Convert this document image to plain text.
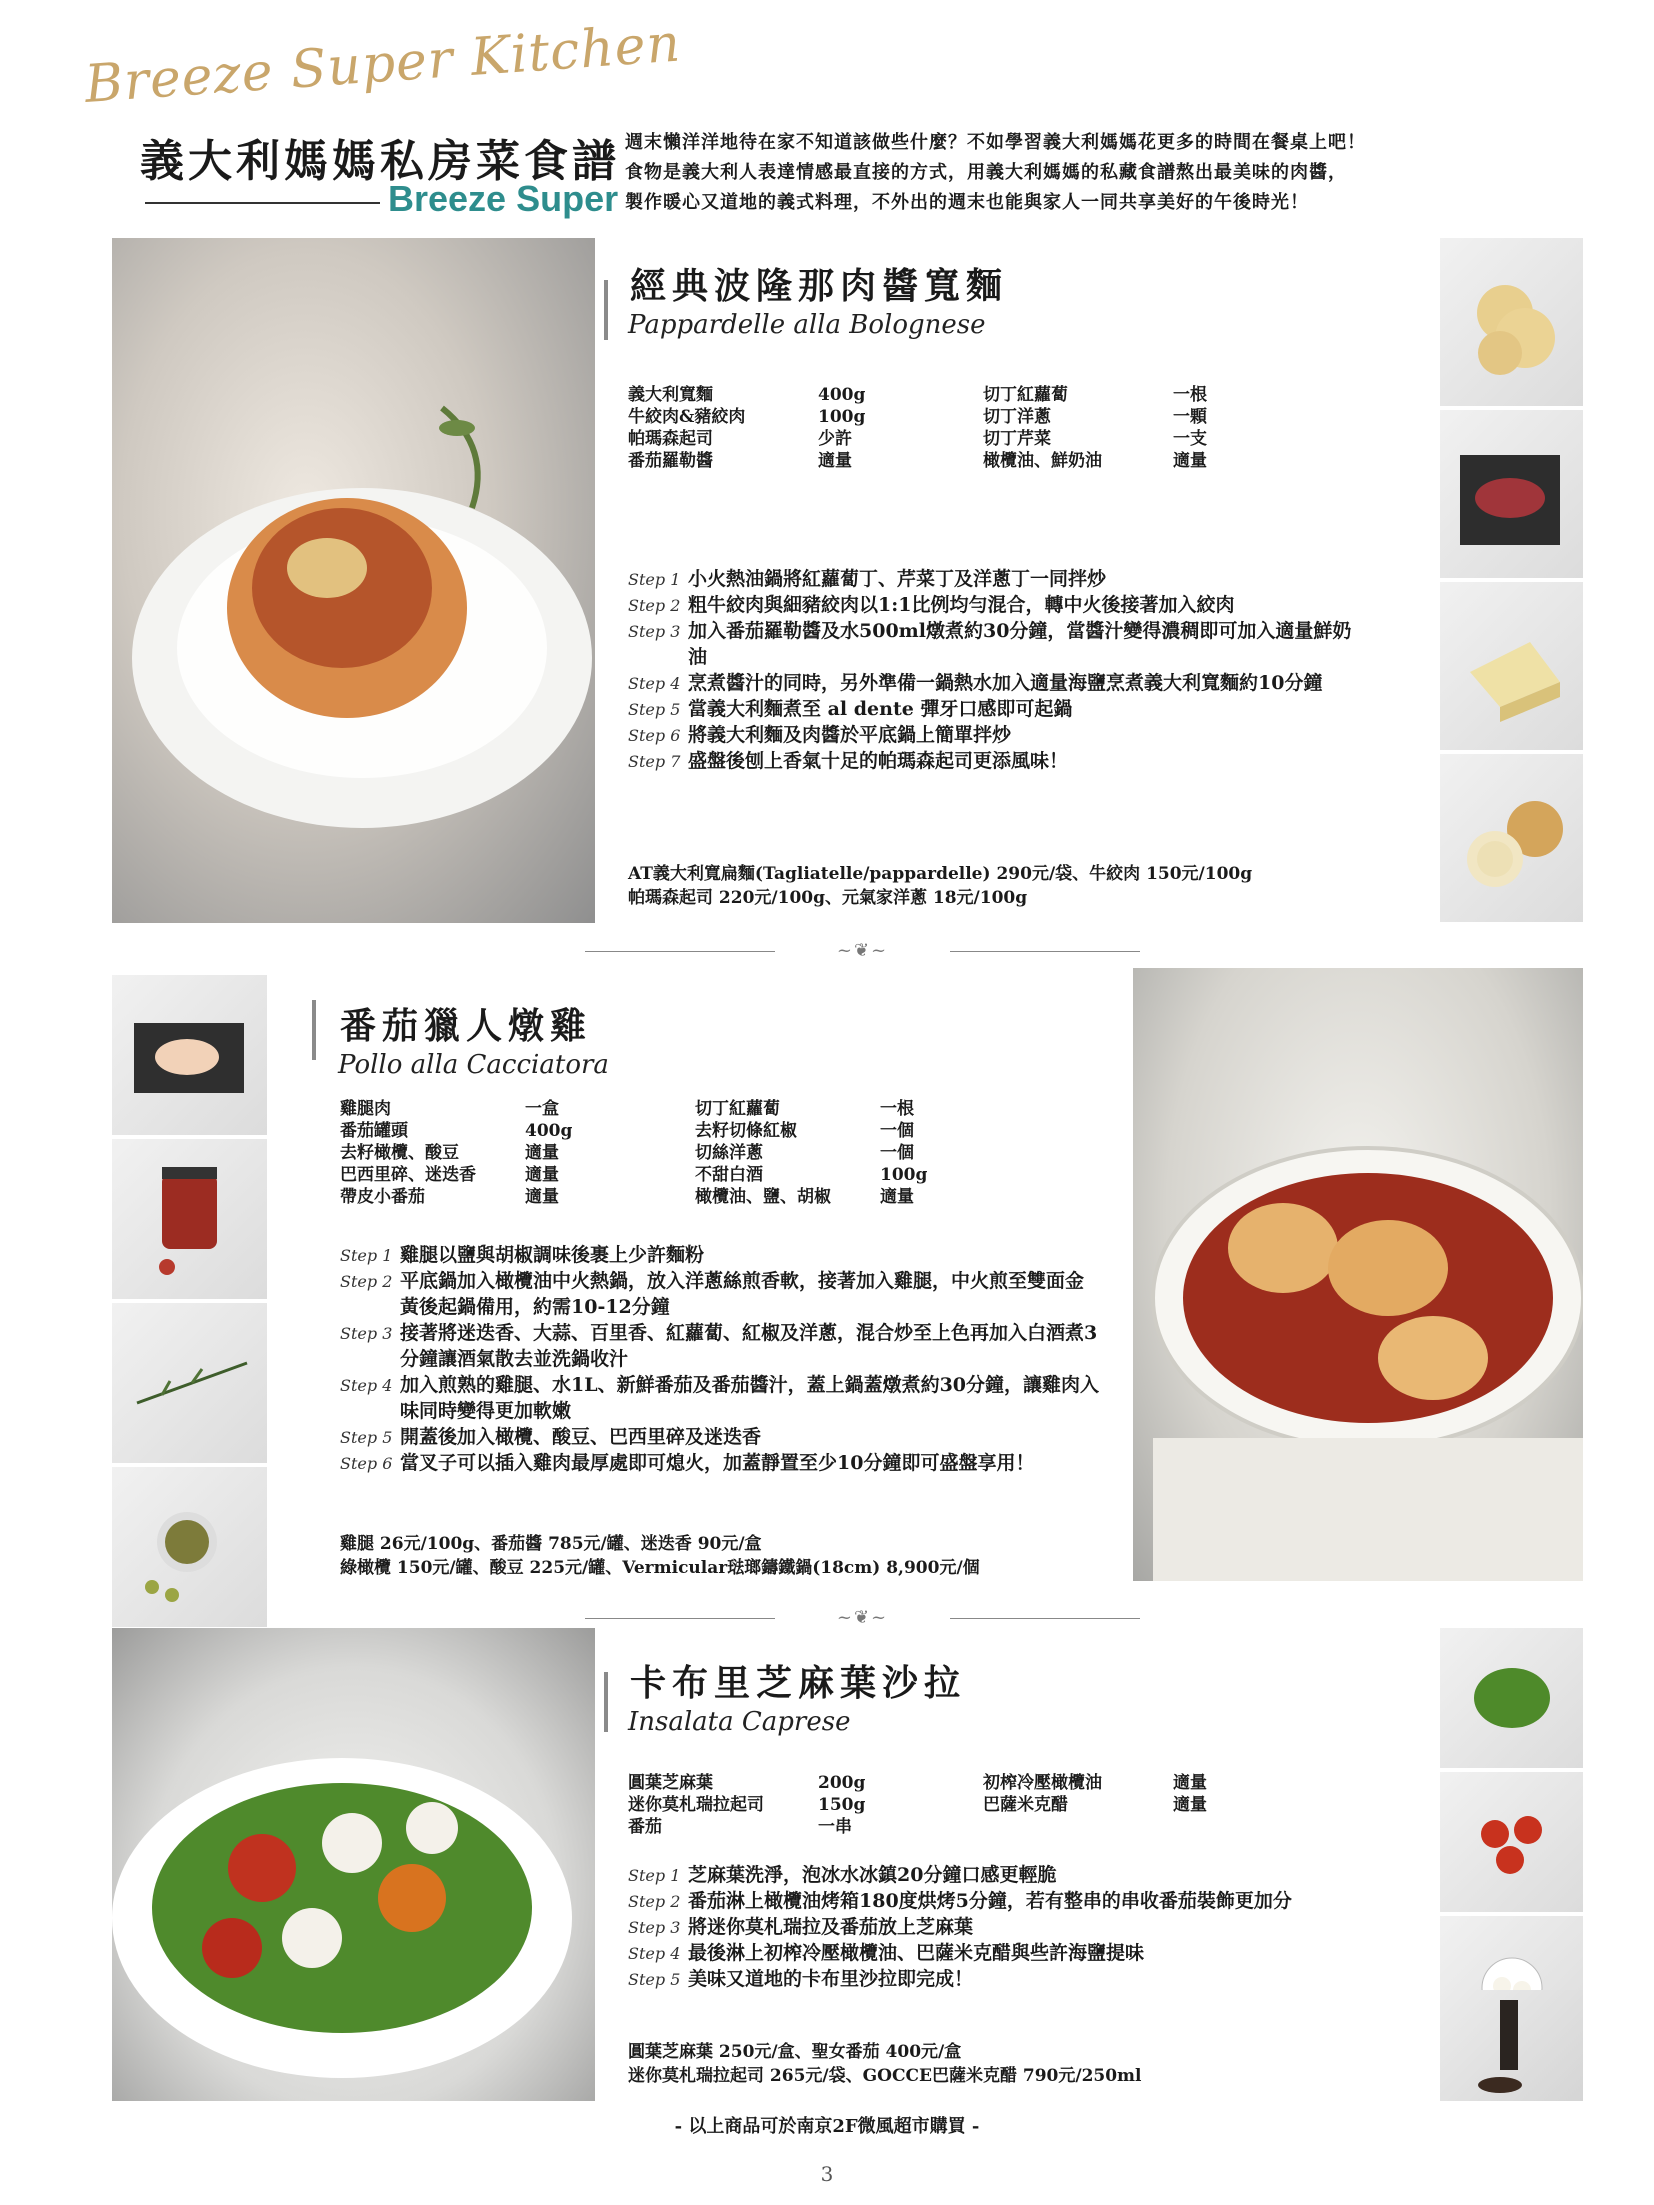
Breeze Super Kitchen
義大利媽媽私房菜食譜
Breeze Super
週末懶洋洋地待在家不知道該做些什麼？不如學習義大利媽媽花更多的時間在餐桌上吧！
食物是義大利人表達情感最直接的方式，用義大利媽媽的私藏食譜熬出最美味的肉醬，
製作暖心又道地的義式料理，不外出的週末也能與家人一同共享美好的午後時光！
經典波隆那肉醬寬麵
Pappardelle alla Bolognese
義大利寬麵	400g	切丁紅蘿蔔	一根
牛絞肉&豬絞肉	100g	切丁洋蔥	一顆
帕瑪森起司	少許	切丁芹菜	一支
番茄羅勒醬	適量	橄欖油、鮮奶油	適量
Step 1 小火熱油鍋將紅蘿蔔丁、芹菜丁及洋蔥丁一同拌炒
Step 2 粗牛絞肉與細豬絞肉以1:1比例均勻混合，轉中火後接著加入絞肉
Step 3 加入番茄羅勒醬及水500ml燉煮約30分鐘，當醬汁變得濃稠即可加入適量鮮奶油
Step 4 烹煮醬汁的同時，另外準備一鍋熱水加入適量海鹽烹煮義大利寬麵約10分鐘
Step 5 當義大利麵煮至 al dente 彈牙口感即可起鍋
Step 6 將義大利麵及肉醬於平底鍋上簡單拌炒
Step 7 盛盤後刨上香氣十足的帕瑪森起司更添風味！
AT義大利寬扁麵(Tagliatelle/pappardelle) 290元/袋、牛絞肉 150元/100g
帕瑪森起司 220元/100g、元氣家洋蔥 18元/100g
~❦~
番茄獵人燉雞
Pollo alla Cacciatora
雞腿肉	一盒	切丁紅蘿蔔	一根
番茄罐頭	400g	去籽切條紅椒	一個
去籽橄欖、酸豆	適量	切絲洋蔥	一個
巴西里碎、迷迭香	適量	不甜白酒	100g
帶皮小番茄	適量	橄欖油、鹽、胡椒	適量
Step 1 雞腿以鹽與胡椒調味後裹上少許麵粉
Step 2 平底鍋加入橄欖油中火熱鍋，放入洋蔥絲煎香軟，接著加入雞腿，中火煎至雙面金黃後起鍋備用，約需10-12分鐘
Step 3 接著將迷迭香、大蒜、百里香、紅蘿蔔、紅椒及洋蔥，混合炒至上色再加入白酒煮3分鐘讓酒氣散去並洗鍋收汁
Step 4 加入煎熟的雞腿、水1L、新鮮番茄及番茄醬汁，蓋上鍋蓋燉煮約30分鐘，讓雞肉入味同時變得更加軟嫩
Step 5 開蓋後加入橄欖、酸豆、巴西里碎及迷迭香
Step 6 當叉子可以插入雞肉最厚處即可熄火，加蓋靜置至少10分鐘即可盛盤享用！
雞腿 26元/100g、番茄醬 785元/罐、迷迭香 90元/盒
綠橄欖 150元/罐、酸豆 225元/罐、Vermicular琺瑯鑄鐵鍋(18cm) 8,900元/個
~❦~
卡布里芝麻葉沙拉
Insalata Caprese
圓葉芝麻葉	200g	初榨冷壓橄欖油	適量
迷你莫札瑞拉起司	150g	巴薩米克醋	適量
番茄	一串
Step 1 芝麻葉洗淨，泡冰水冰鎮20分鐘口感更輕脆
Step 2 番茄淋上橄欖油烤箱180度烘烤5分鐘，若有整串的串收番茄裝飾更加分
Step 3 將迷你莫札瑞拉及番茄放上芝麻葉
Step 4 最後淋上初榨冷壓橄欖油、巴薩米克醋與些許海鹽提味
Step 5 美味又道地的卡布里沙拉即完成！
圓葉芝麻葉 250元/盒、聖女番茄 400元/盒
迷你莫札瑞拉起司 265元/袋、GOCCE巴薩米克醋 790元/250ml
- 以上商品可於南京2F微風超市購買 -
3
